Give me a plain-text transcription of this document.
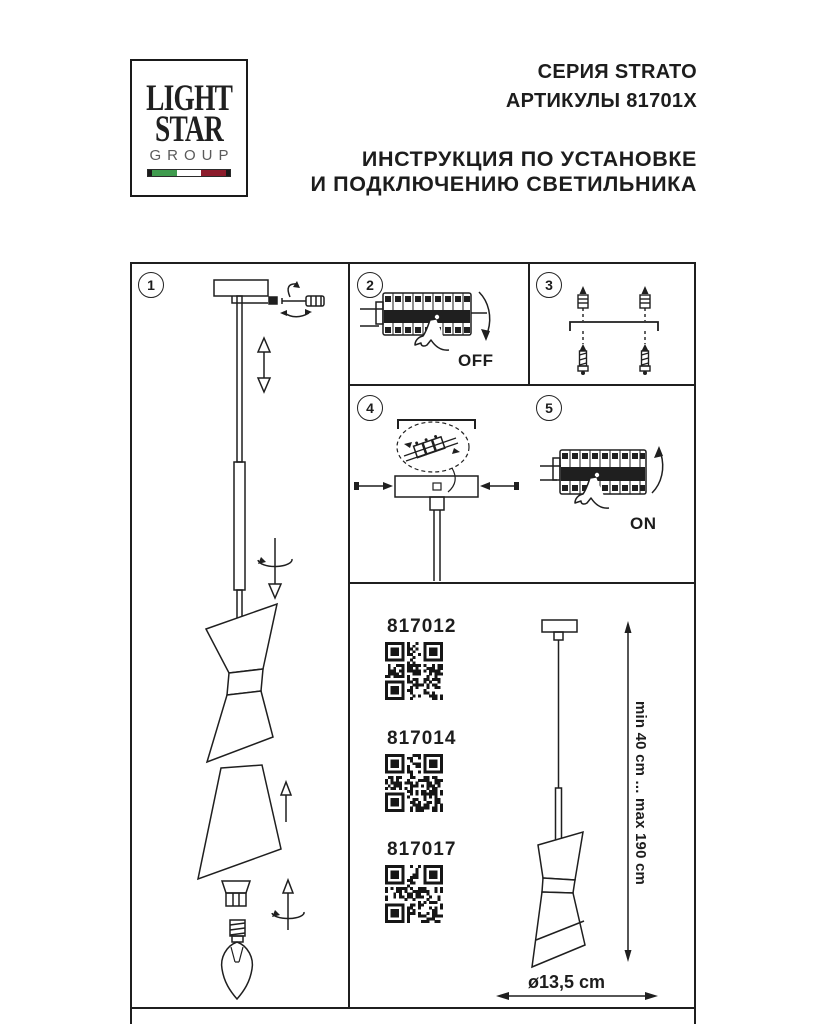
LIGHT
STAR
GROUP
СЕРИЯ STRATO
АРТИКУЛЫ 81701X
ИНСТРУКЦИЯ ПО УСТАНОВКЕ
И ПОДКЛЮЧЕНИЮ СВЕТИЛЬНИКА
1	2	3
4	5
OFF
ON
817012
817014
817017	min 40 cm ... max 190 cm
ø13,5 cm
